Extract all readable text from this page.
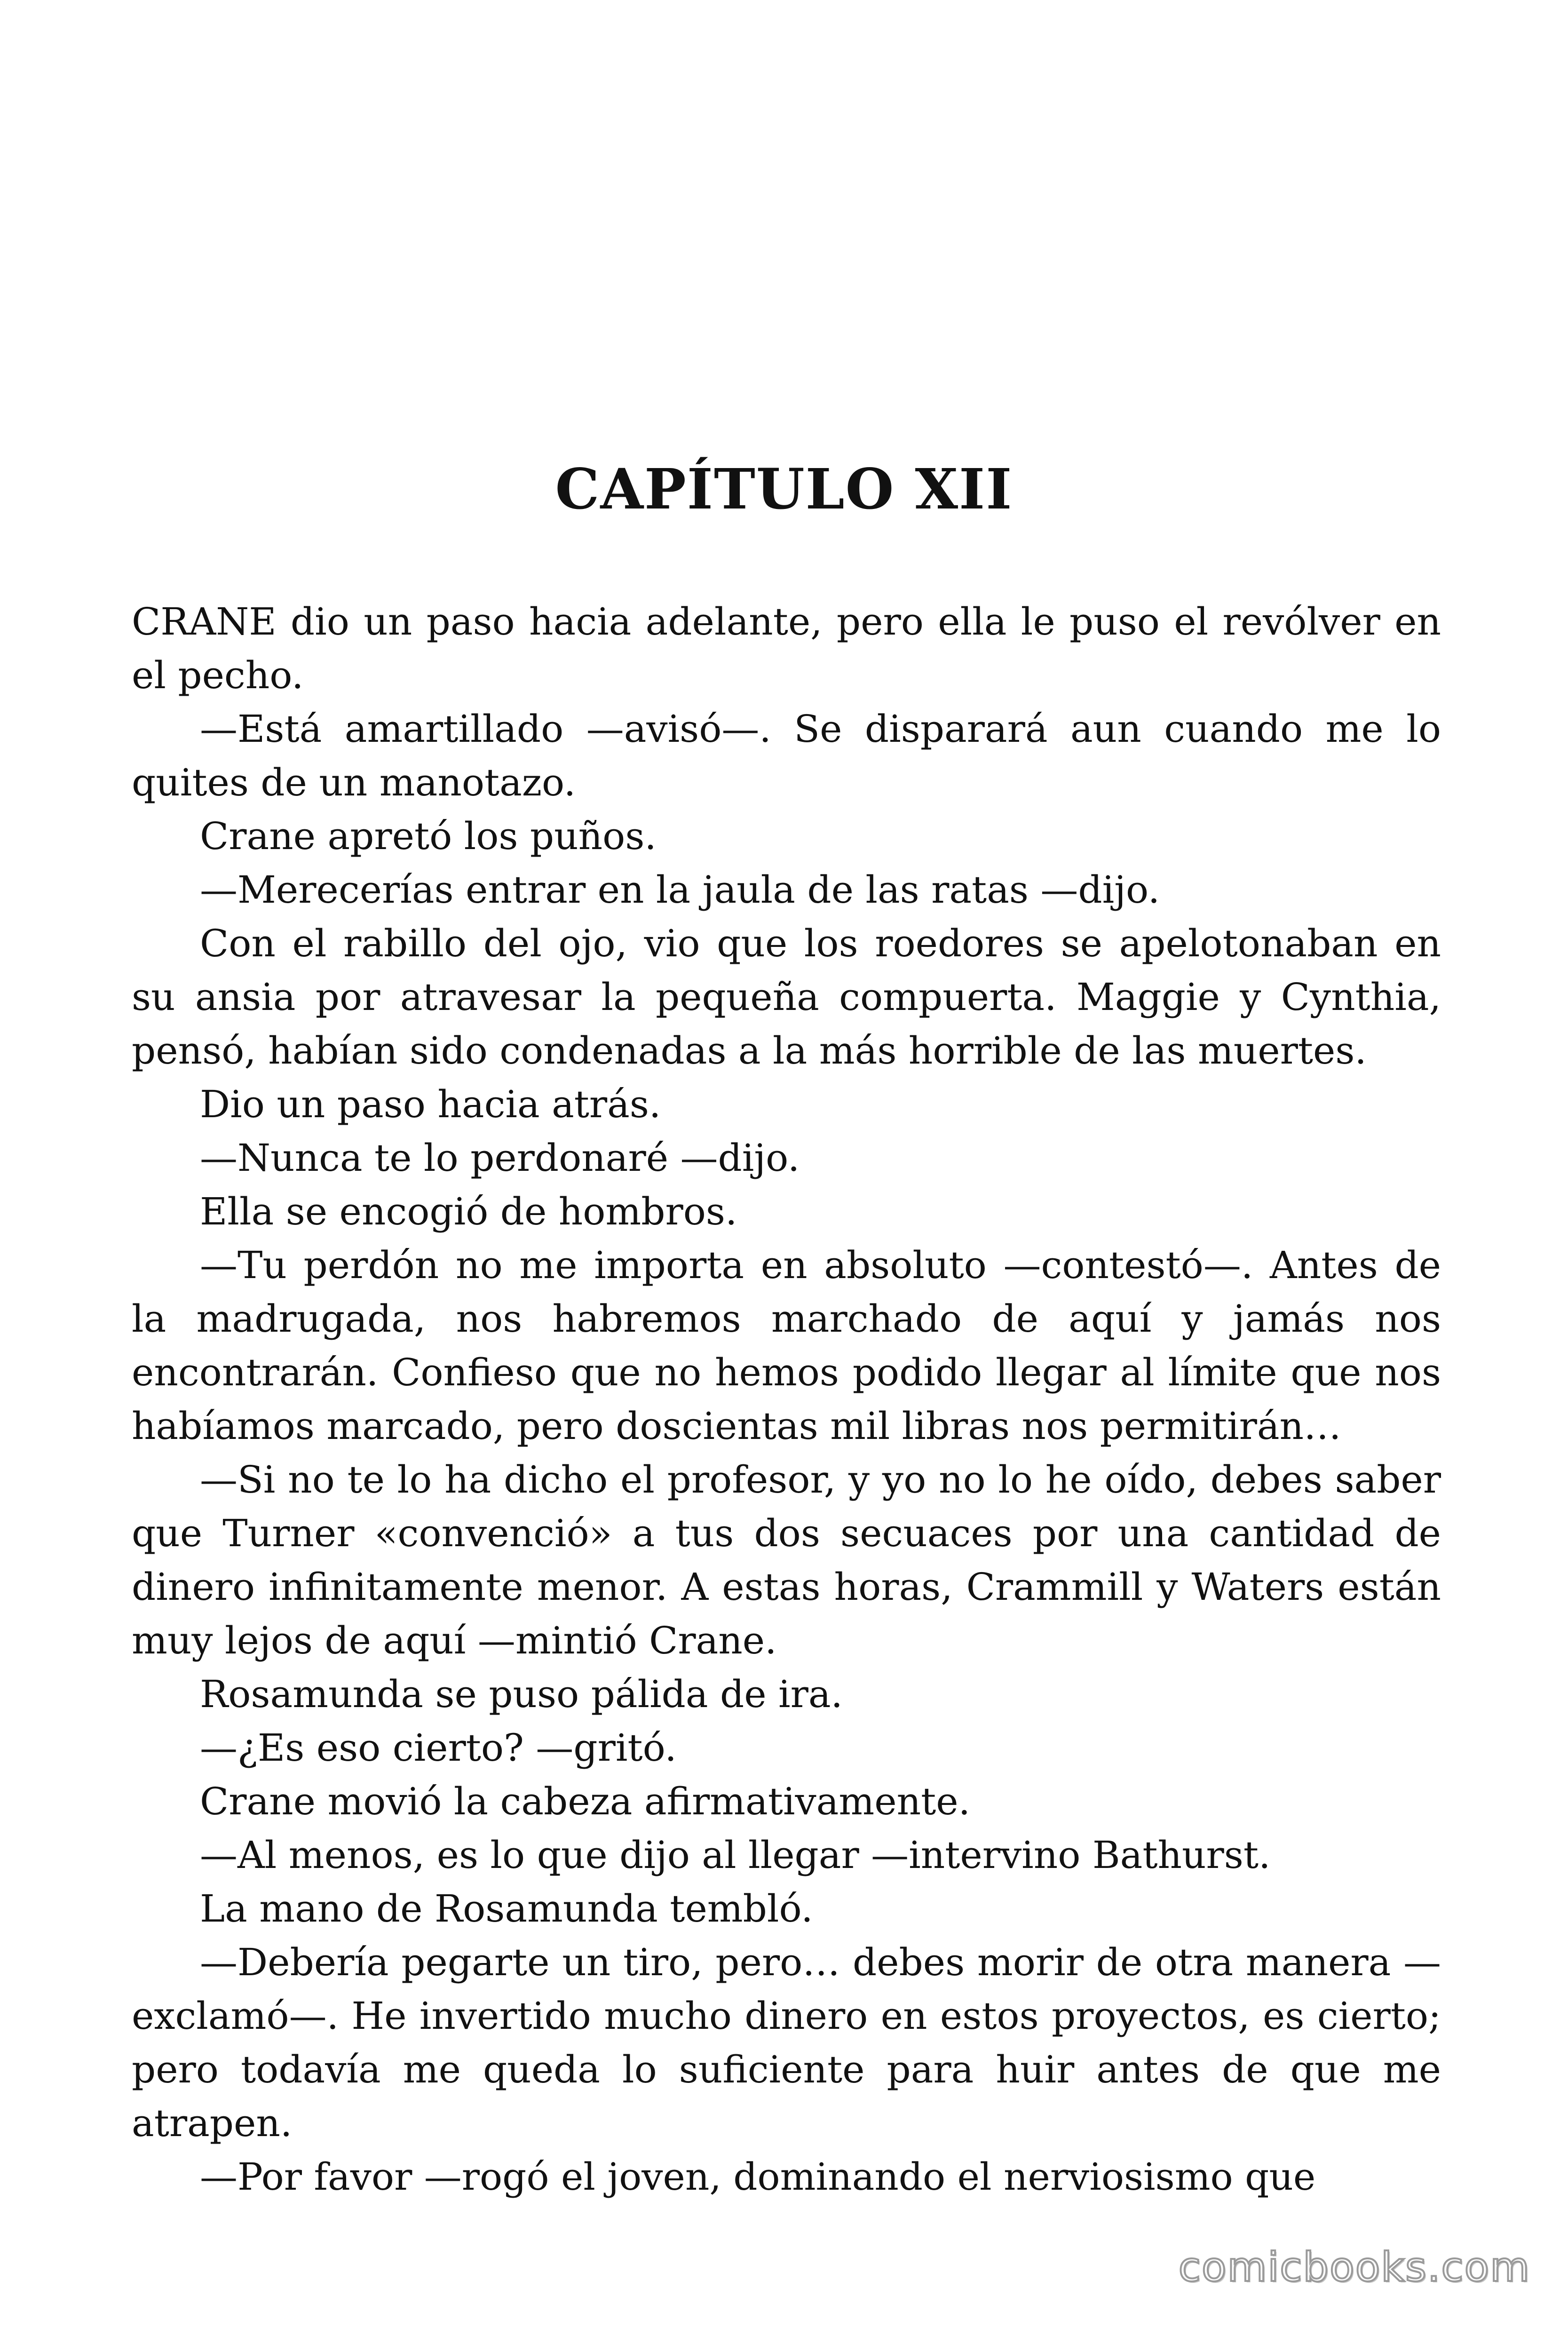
CAPÍTULO XII

CRANE dio un paso hacia adelante, pero ella le puso el revólver en el pecho.

—Está amartillado —avisó—. Se disparará aun cuando me lo quites de un manotazo.

Crane apretó los puños.

—Merecerías entrar en la jaula de las ratas —dijo.

Con el rabillo del ojo, vio que los roedores se apelotonaban en su ansia por atravesar la pequeña compuerta. Maggie y Cynthia, pensó, habían sido condenadas a la más horrible de las muertes.

Dio un paso hacia atrás.

—Nunca te lo perdonaré —dijo.

Ella se encogió de hombros.

—Tu perdón no me importa en absoluto —contestó—. Antes de la madrugada, nos habremos marchado de aquí y jamás nos encontrarán. Confieso que no hemos podido llegar al límite que nos habíamos marcado, pero doscientas mil libras nos permitirán…

—Si no te lo ha dicho el profesor, y yo no lo he oído, debes saber que Turner «convenció» a tus dos secuaces por una cantidad de dinero infinitamente menor. A estas horas, Crammill y Waters están muy lejos de aquí —mintió Crane.

Rosamunda se puso pálida de ira.

—¿Es eso cierto? —gritó.

Crane movió la cabeza afirmativamente.

—Al menos, es lo que dijo al llegar —intervino Bathurst.

La mano de Rosamunda tembló.

—Debería pegarte un tiro, pero… debes morir de otra manera —exclamó—. He invertido mucho dinero en estos proyectos, es cierto; pero todavía me queda lo suficiente para huir antes de que me atrapen.

—Por favor —rogó el joven, dominando el nerviosismo que

comicbooks.com
